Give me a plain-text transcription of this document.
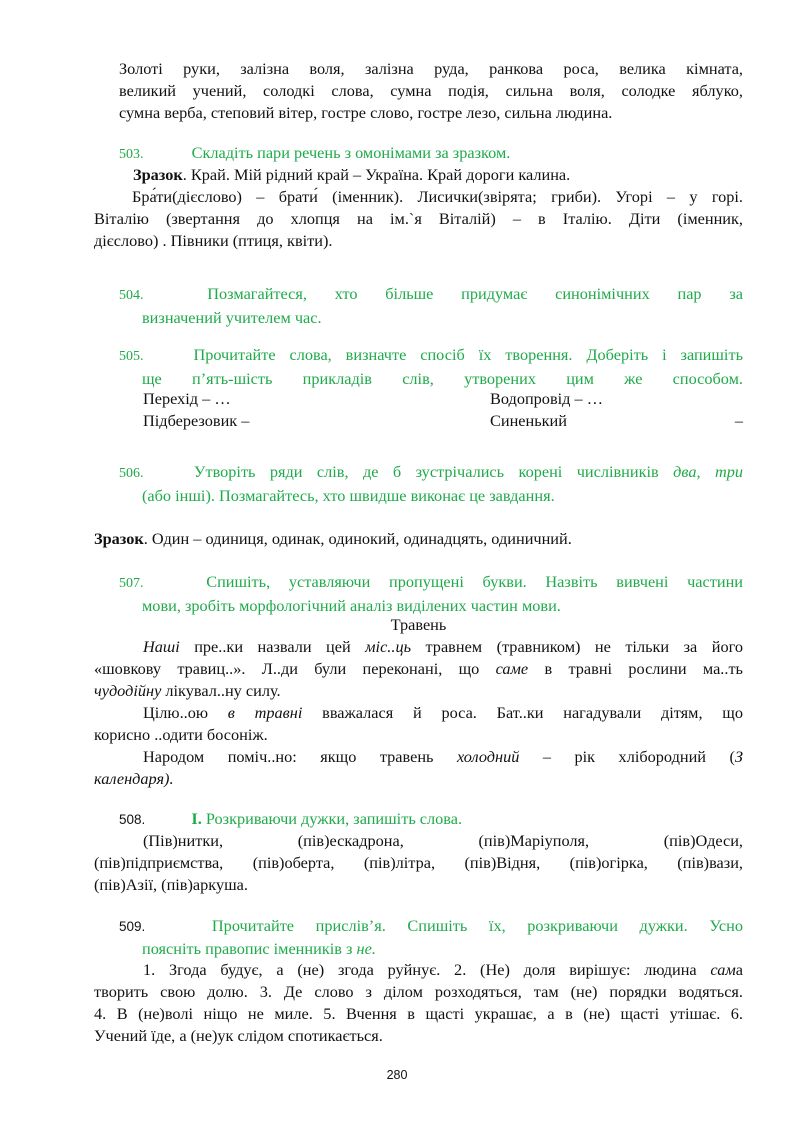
Золоті руки, залізна воля, залізна руда, ранкова роса, велика кімната,
великий учений, солодкі слова, сумна подія, сильна воля, солодке яблуко,
сумна верба, степовий вітер, гостре слово, гостре лезо, сильна людина.
503.	Складіть пари речень з омонімами за зразком.
Зразок. Край. Мій рідний край – Україна. Край дороги калина.
Бра́ти(дієслово) – брати́ (іменник). Лисички(звірята; гриби). Угорі – у горі.
Віталію (звертання до хлопця на ім.`я Віталій) – в Італію. Діти (іменник,
дієслово) . Півники (птиця, квіти).
504.	Позмагайтеся, хто більше придумає синонімічних пар за
визначений учителем час.
505.	Прочитайте слова, визначте спосіб їх творення. Доберіть і запишіть
ще п’ять-шість прикладів слів, утворених цим же способом.
Перехід – …	Водопровід – …
Підберезовик –	Синенький	–
506.	Утворіть ряди слів, де б зустрічались корені числівників два, три
(або інші). Позмагайтесь, хто швидше виконає це завдання.
Зразок. Один – одиниця, одинак, одинокий, одинадцять, одиничний.
507.	Спишіть, уставляючи пропущені букви. Назвіть вивчені частини
мови, зробіть морфологічний аналіз виділених частин мови.
Травень
Наші пре..ки назвали цей міс..ць травнем (травником) не тільки за його
«шовкову травиц..». Л..ди були переконані, що саме в травні рослини ма..ть
чудодійну лікувал..ну силу.
Цілю..ою в травні вважалася й роса. Бат..ки нагадували дітям, що
корисно ..одити босоніж.
Народом поміч..но: якщо травень холодний – рік хлібородний (З
календаря).
508.	І. Розкриваючи дужки, запишіть слова.
(Пів)нитки, (пів)ескадрона, (пів)Маріуполя, (пів)Одеси,
(пів)підприємства, (пів)оберта, (пів)літра, (пів)Відня, (пів)огірка, (пів)вази,
(пів)Азії, (пів)аркуша.
509.	Прочитайте прислів’я. Спишіть їх, розкриваючи дужки. Усно
поясніть правопис іменників з не.
1. Згода будує, а (не) згода руйнує. 2. (Не) доля вирішує: людина сама
творить свою долю. 3. Де слово з ділом розходяться, там (не) порядки водяться.
4. В (не)волі ніщо не миле. 5. Вчення в щасті украшає, а в (не) щасті утішає. 6.
Учений їде, а (не)ук слідом спотикається.
280
